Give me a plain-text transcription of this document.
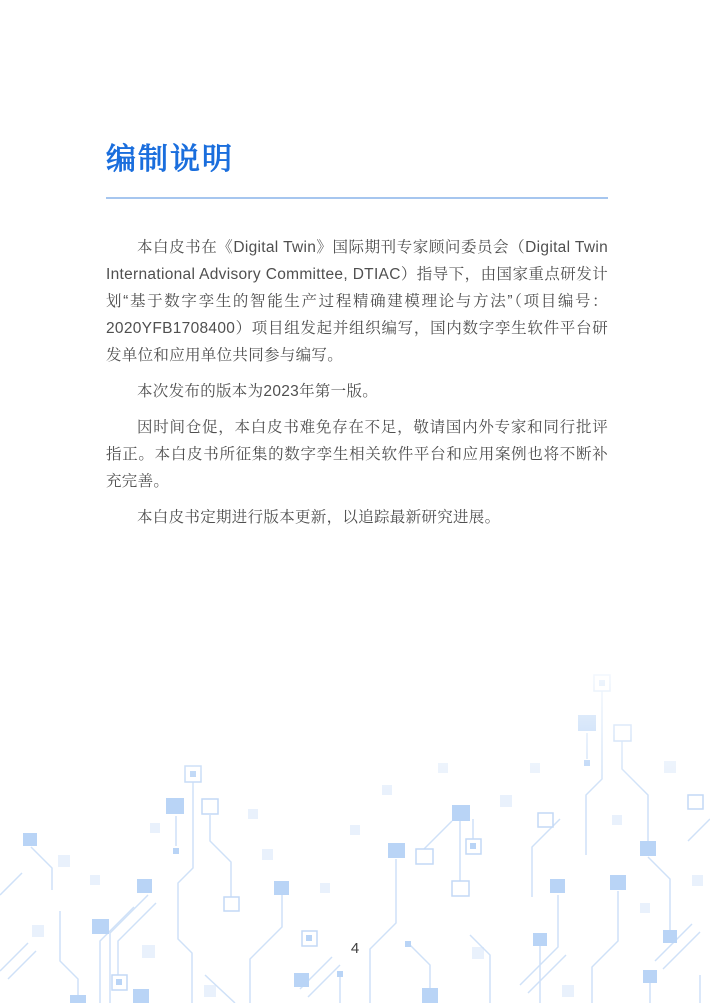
编制说明

本白皮书在《Digital Twin》国际期刊专家顾问委员会（Digital Twin International Advisory Committee, DTIAC）指导下，由国家重点研发计划“基于数字孪生的智能生产过程精确建模理论与方法”（项目编号：2020YFB1708400）项目组发起并组织编写，国内数字孪生软件平台研发单位和应用单位共同参与编写。

本次发布的版本为2023年第一版。

因时间仓促，本白皮书难免存在不足，敬请国内外专家和同行批评指正。本白皮书所征集的数字孪生相关软件平台和应用案例也将不断补充完善。

本白皮书定期进行版本更新，以追踪最新研究进展。

4
